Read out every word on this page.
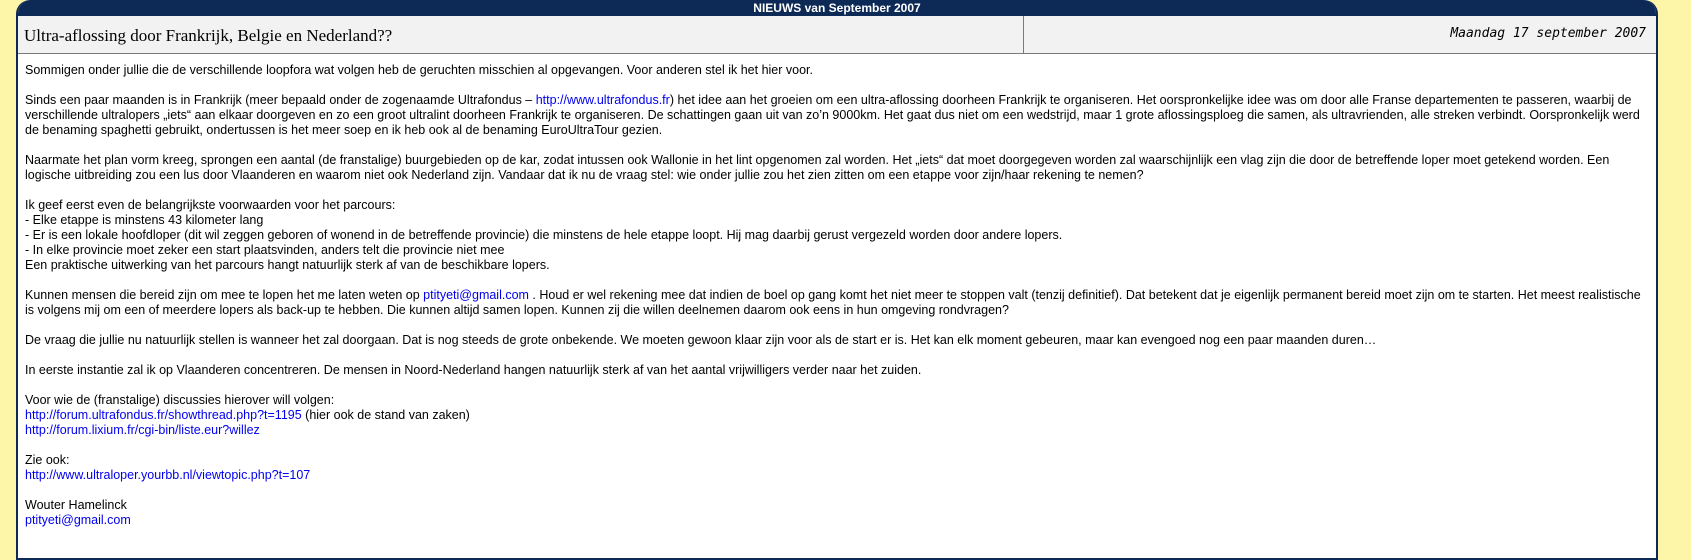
NIEUWS van September 2007
Ultra-aflossing door Frankrijk, Belgie en Nederland??	Maandag 17 september 2007

Sommigen onder jullie die de verschillende loopfora wat volgen heb de geruchten misschien al opgevangen. Voor anderen stel ik het hier voor.

Sinds een paar maanden is in Frankrijk (meer bepaald onder de zogenaamde Ultrafondus – http://www.ultrafondus.fr) het idee aan het groeien om een ultra-aflossing doorheen Frankrijk te organiseren. Het oorspronkelijke idee was om door alle Franse departementen te passeren, waarbij de verschillende ultralopers „iets“ aan elkaar doorgeven en zo een groot ultralint doorheen Frankrijk te organiseren. De schattingen gaan uit van zo’n 9000km. Het gaat dus niet om een wedstrijd, maar 1 grote aflossingsploeg die samen, als ultravrienden, alle streken verbindt. Oorspronkelijk werd de benaming spaghetti gebruikt, ondertussen is het meer soep en ik heb ook al de benaming EuroUltraTour gezien.

Naarmate het plan vorm kreeg, sprongen een aantal (de franstalige) buurgebieden op de kar, zodat intussen ook Wallonie in het lint opgenomen zal worden. Het „iets“ dat moet doorgegeven worden zal waarschijnlijk een vlag zijn die door de betreffende loper moet getekend worden. Een logische uitbreiding zou een lus door Vlaanderen en waarom niet ook Nederland zijn. Vandaar dat ik nu de vraag stel: wie onder jullie zou het zien zitten om een etappe voor zijn/haar rekening te nemen?

Ik geef eerst even de belangrijkste voorwaarden voor het parcours:
- Elke etappe is minstens 43 kilometer lang
- Er is een lokale hoofdloper (dit wil zeggen geboren of wonend in de betreffende provincie) die minstens de hele etappe loopt. Hij mag daarbij gerust vergezeld worden door andere lopers.
- In elke provincie moet zeker een start plaatsvinden, anders telt die provincie niet mee
Een praktische uitwerking van het parcours hangt natuurlijk sterk af van de beschikbare lopers.

Kunnen mensen die bereid zijn om mee te lopen het me laten weten op ptityeti@gmail.com . Houd er wel rekening mee dat indien de boel op gang komt het niet meer te stoppen valt (tenzij definitief). Dat betekent dat je eigenlijk permanent bereid moet zijn om te starten. Het meest realistische is volgens mij om een of meerdere lopers als back-up te hebben. Die kunnen altijd samen lopen. Kunnen zij die willen deelnemen daarom ook eens in hun omgeving rondvragen?

De vraag die jullie nu natuurlijk stellen is wanneer het zal doorgaan. Dat is nog steeds de grote onbekende. We moeten gewoon klaar zijn voor als de start er is. Het kan elk moment gebeuren, maar kan evengoed nog een paar maanden duren…

In eerste instantie zal ik op Vlaanderen concentreren. De mensen in Noord-Nederland hangen natuurlijk sterk af van het aantal vrijwilligers verder naar het zuiden.

Voor wie de (franstalige) discussies hierover will volgen:
http://forum.ultrafondus.fr/showthread.php?t=1195 (hier ook de stand van zaken)
http://forum.lixium.fr/cgi-bin/liste.eur?willez

Zie ook:
http://www.ultraloper.yourbb.nl/viewtopic.php?t=107

Wouter Hamelinck
ptityeti@gmail.com
